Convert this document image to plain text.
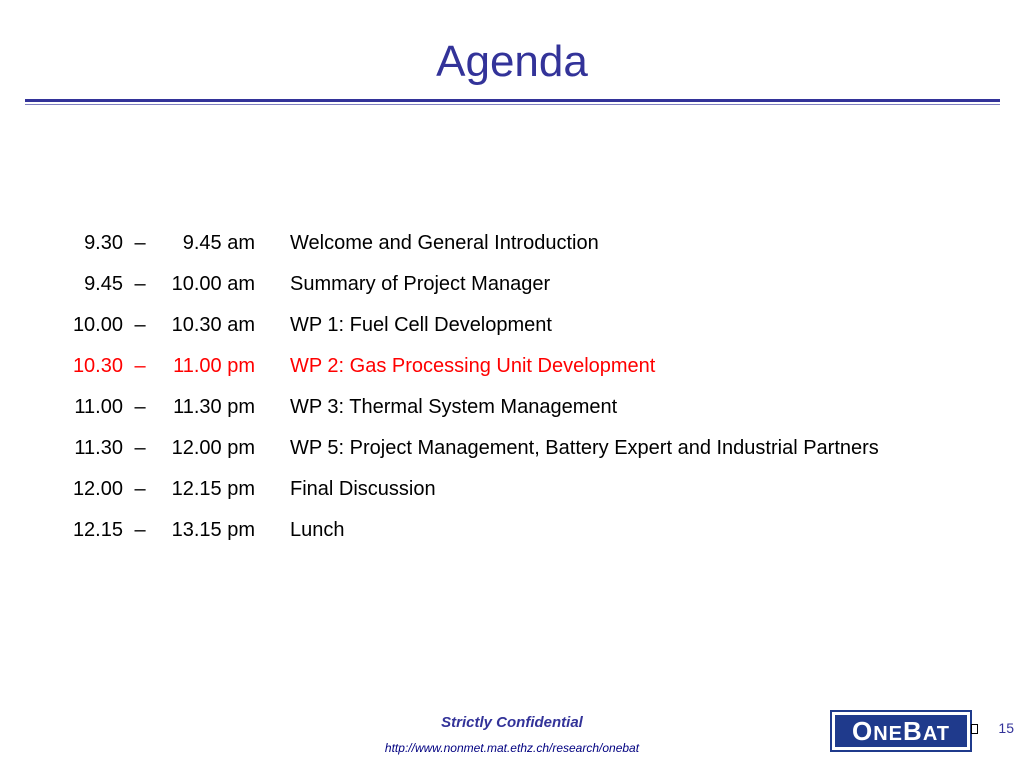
Agenda
9.30 –	9.45 am Welcome and General Introduction
9.45 –	10.00 am Summary of Project Manager
10.00 –	10.30 am WP 1: Fuel Cell Development
10.30 –	11.00 pm WP 2: Gas Processing Unit Development
11.00 –	11.30 pm WP 3: Thermal System Management
11.30 –	12.00 pm WP 5: Project Management, Battery Expert and Industrial Partners
12.00 –	12.15 pm Final Discussion
12.15 –	13.15 pm Lunch
Strictly Confidential
http://www.nonmet.mat.ethz.ch/research/onebat
ONEBAT	15
